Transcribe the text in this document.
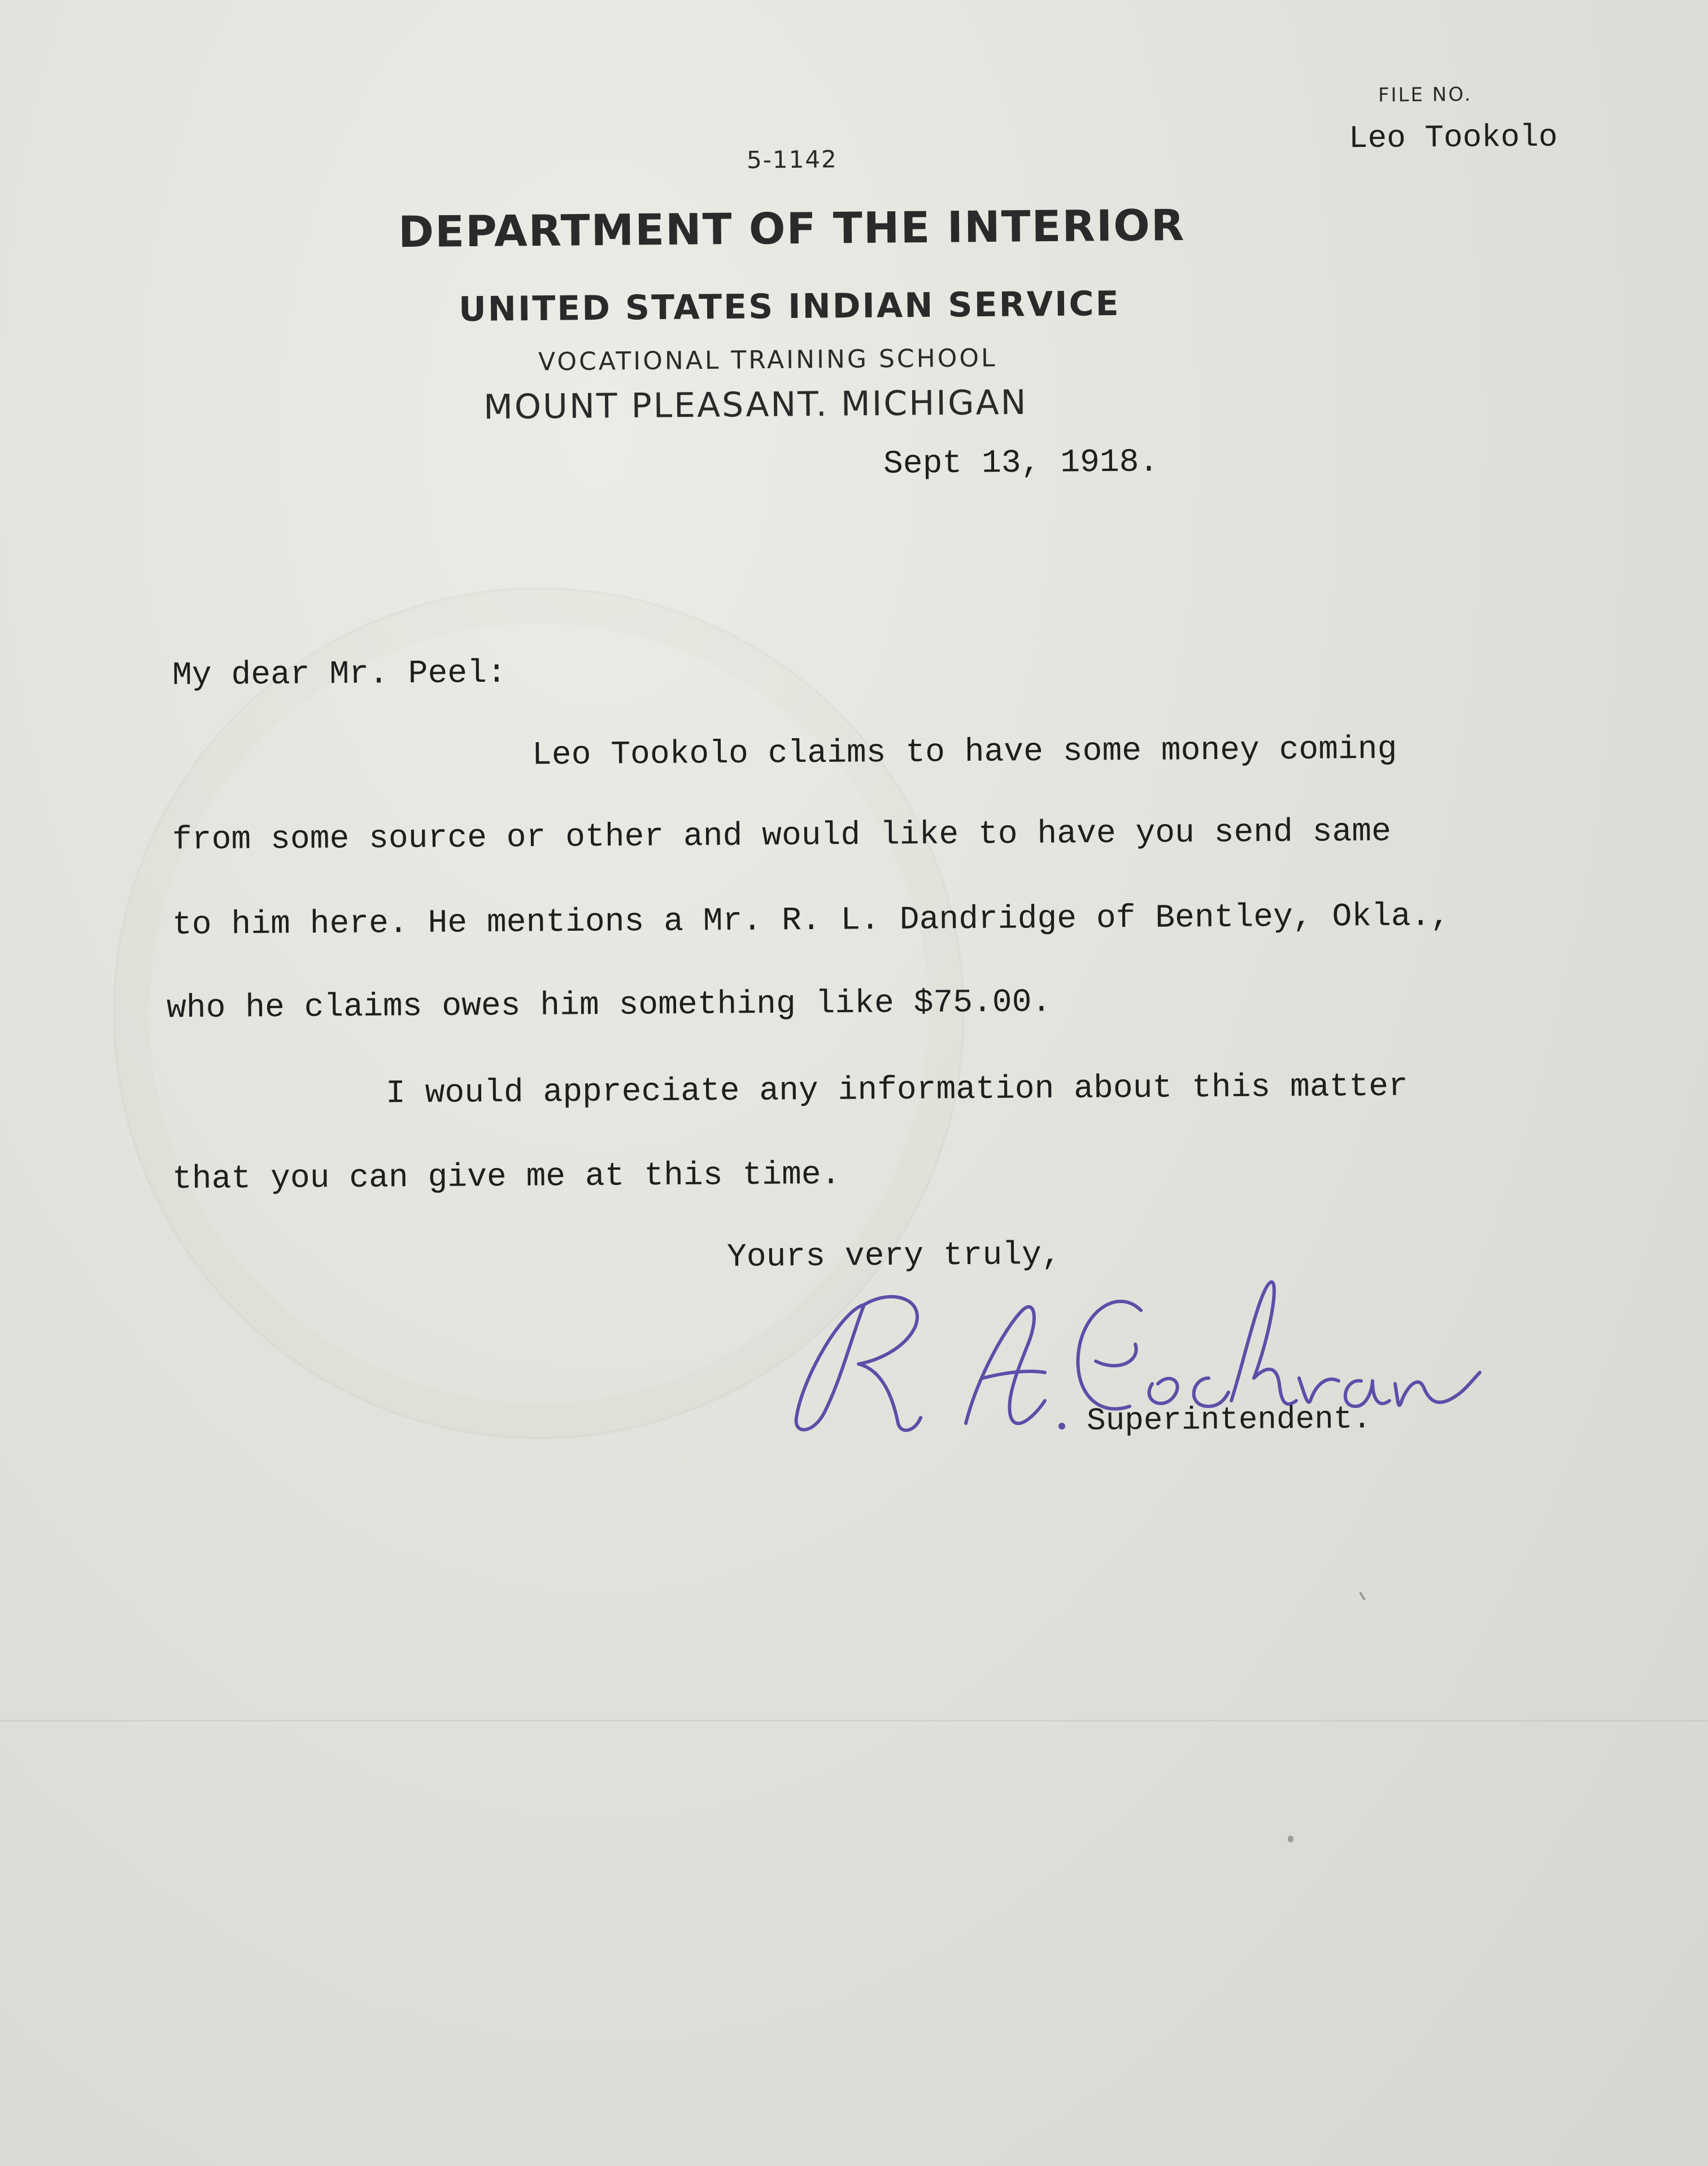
FILE NO.
Leo Tookolo
5-1142
DEPARTMENT OF THE INTERIOR
UNITED STATES INDIAN SERVICE
VOCATIONAL TRAINING SCHOOL
MOUNT PLEASANT. MICHIGAN
Sept 13, 1918.
My dear Mr. Peel:
Leo Tookolo claims to have some money coming
from some source or other and would like to have you send same
to him here. He mentions a Mr. R. L. Dandridge of Bentley, Okla.,
who he claims owes him something like $75.00.
I would appreciate any information about this matter
that you can give me at this time.
Yours very truly,
Superintendent.
